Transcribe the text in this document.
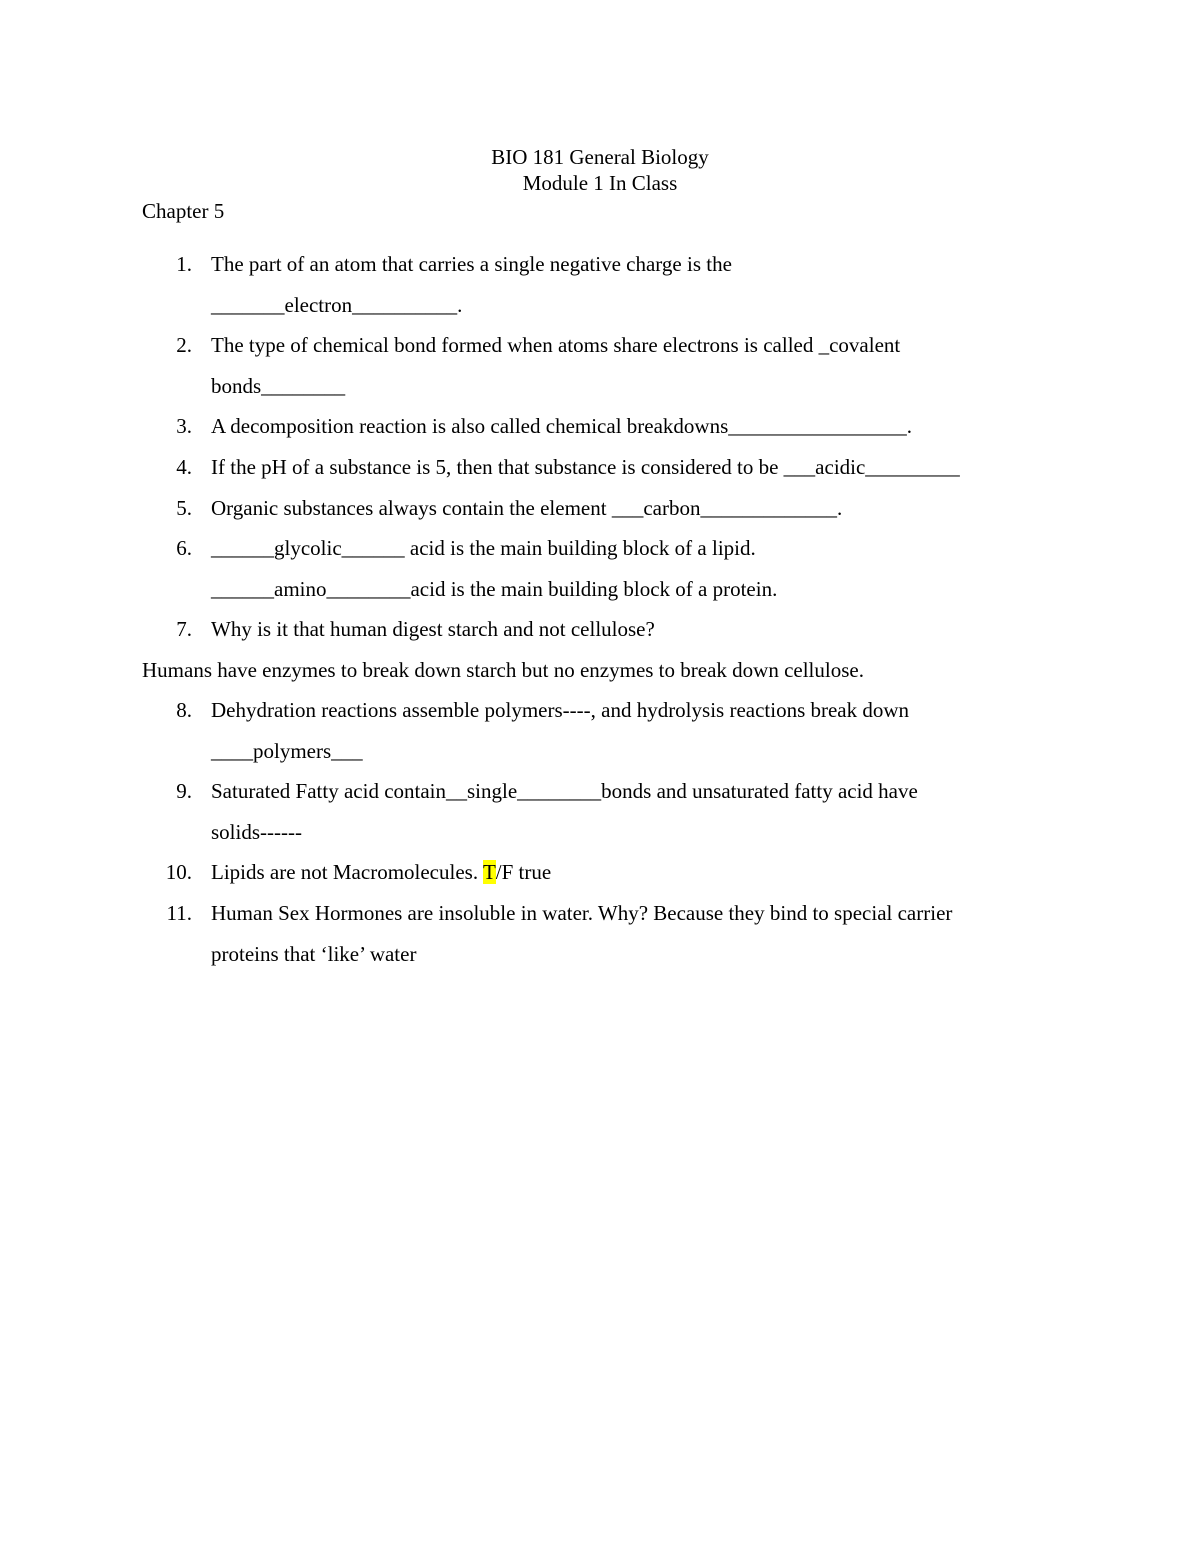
BIO 181 General Biology
Module 1 In Class
Chapter 5
1. The part of an atom that carries a single negative charge is the
_______electron__________.
2. The type of chemical bond formed when atoms share electrons is called _covalent
bonds________
3. A decomposition reaction is also called chemical breakdowns_________________.
4. If the pH of a substance is 5, then that substance is considered to be ___acidic_________
5. Organic substances always contain the element ___carbon_____________.
6. ______glycolic______ acid is the main building block of a lipid.
______amino________acid is the main building block of a protein.
7. Why is it that human digest starch and not cellulose?
Humans have enzymes to break down starch but no enzymes to break down cellulose.
8. Dehydration reactions assemble polymers----, and hydrolysis reactions break down
____polymers___
9. Saturated Fatty acid contain__single________bonds and unsaturated fatty acid have
solids------
10. Lipids are not Macromolecules. T/F true
11. Human Sex Hormones are insoluble in water. Why? Because they bind to special carrier
proteins that ‘like’ water
